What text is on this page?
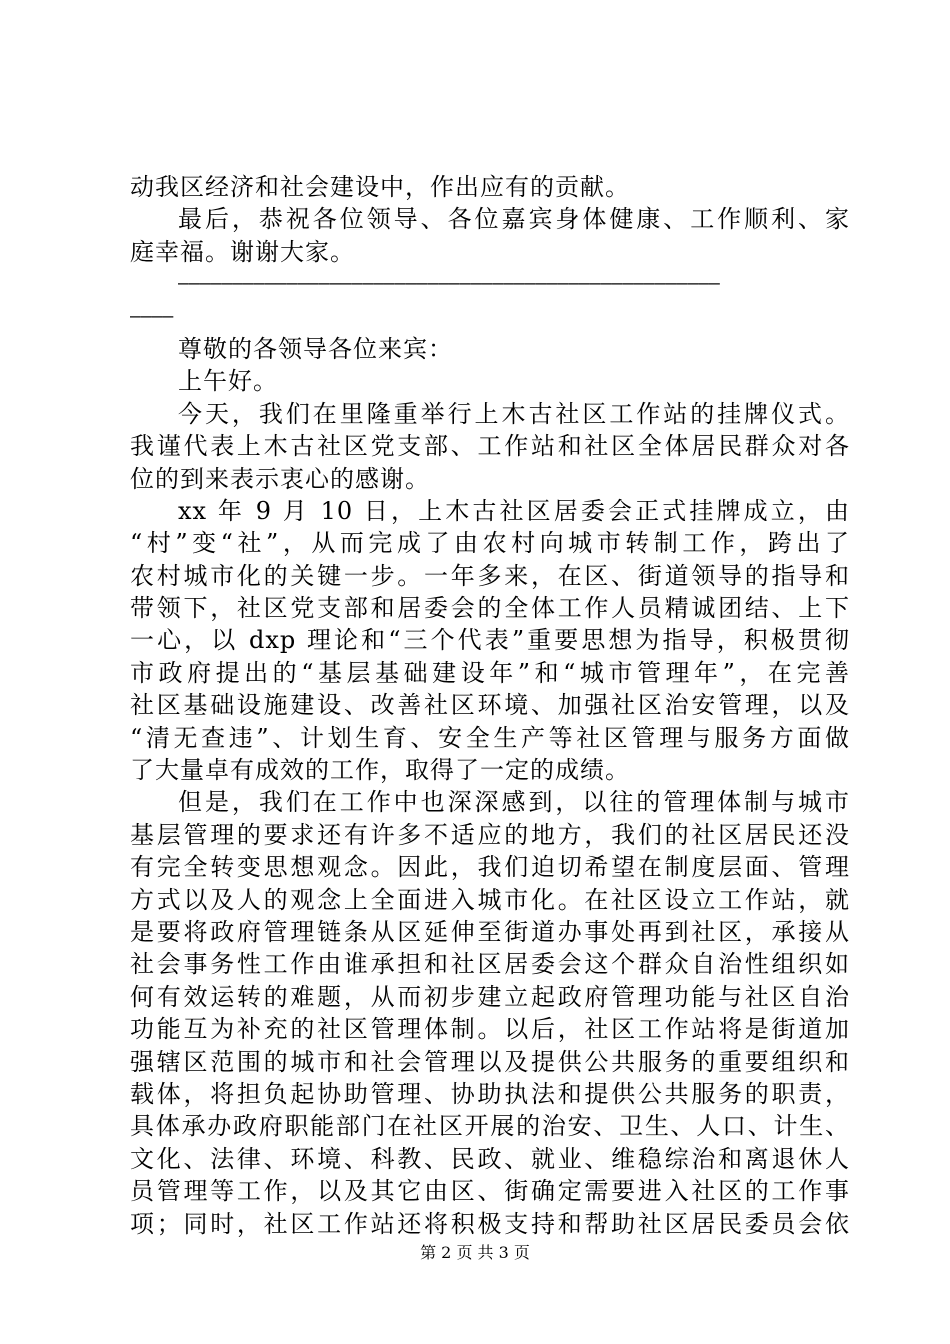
动我区经济和社会建设中，作出应有的贡献。
最后，恭祝各位领导、各位嘉宾身体健康、工作顺利、家
庭幸福。谢谢大家。
——————————————————————————————————————————————————
————
尊敬的各领导各位来宾：
上午好。
今天，我们在里隆重举行上木古社区工作站的挂牌仪式。
我谨代表上木古社区党支部、工作站和社区全体居民群众对各
位的到来表示衷心的感谢。
xx 年 9 月 10 日，上木古社区居委会正式挂牌成立，由
“村”变“社”，从而完成了由农村向城市转制工作，跨出了
农村城市化的关键一步。一年多来，在区、街道领导的指导和
带领下，社区党支部和居委会的全体工作人员精诚团结、上下
一心，以 dxp 理论和“三个代表”重要思想为指导，积极贯彻
市政府提出的“基层基础建设年”和“城市管理年”，在完善
社区基础设施建设、改善社区环境、加强社区治安管理，以及
“清无查违”、计划生育、安全生产等社区管理与服务方面做
了大量卓有成效的工作，取得了一定的成绩。
但是，我们在工作中也深深感到，以往的管理体制与城市
基层管理的要求还有许多不适应的地方，我们的社区居民还没
有完全转变思想观念。因此，我们迫切希望在制度层面、管理
方式以及人的观念上全面进入城市化。在社区设立工作站，就
是要将政府管理链条从区延伸至街道办事处再到社区，承接从
社会事务性工作由谁承担和社区居委会这个群众自治性组织如
何有效运转的难题，从而初步建立起政府管理功能与社区自治
功能互为补充的社区管理体制。以后，社区工作站将是街道加
强辖区范围的城市和社会管理以及提供公共服务的重要组织和
载体，将担负起协助管理、协助执法和提供公共服务的职责，
具体承办政府职能部门在社区开展的治安、卫生、人口、计生、
文化、法律、环境、科教、民政、就业、维稳综治和离退休人
员管理等工作，以及其它由区、街确定需要进入社区的工作事
项；同时，社区工作站还将积极支持和帮助社区居民委员会依
第 2 页 共 3 页
